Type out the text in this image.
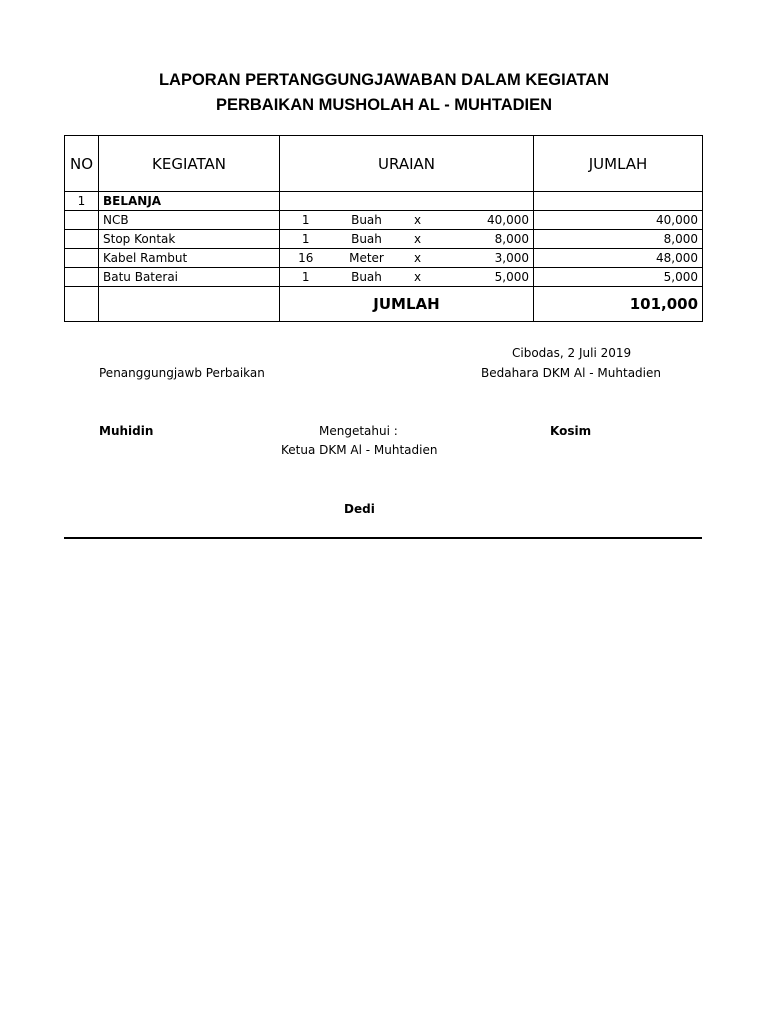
LAPORAN PERTANGGUNGJAWABAN DALAM KEGIATAN
PERBAIKAN MUSHOLAH AL - MUHTADIEN
NO	KEGIATAN	URAIAN				JUMLAH
1	BELANJA					
	NCB	1	Buah	x	40,000	40,000
	Stop Kontak	1	Buah	x	8,000	8,000
	Kabel Rambut	16	Meter	x	3,000	48,000
	Batu Baterai	1	Buah	x	5,000	5,000
		JUMLAH				101,000
Cibodas, 2 Juli 2019
Penanggungjawb Perbaikan	Bedahara DKM Al - Muhtadien
Muhidin	Mengetahui :	Kosim
Ketua DKM Al - Muhtadien
Dedi
